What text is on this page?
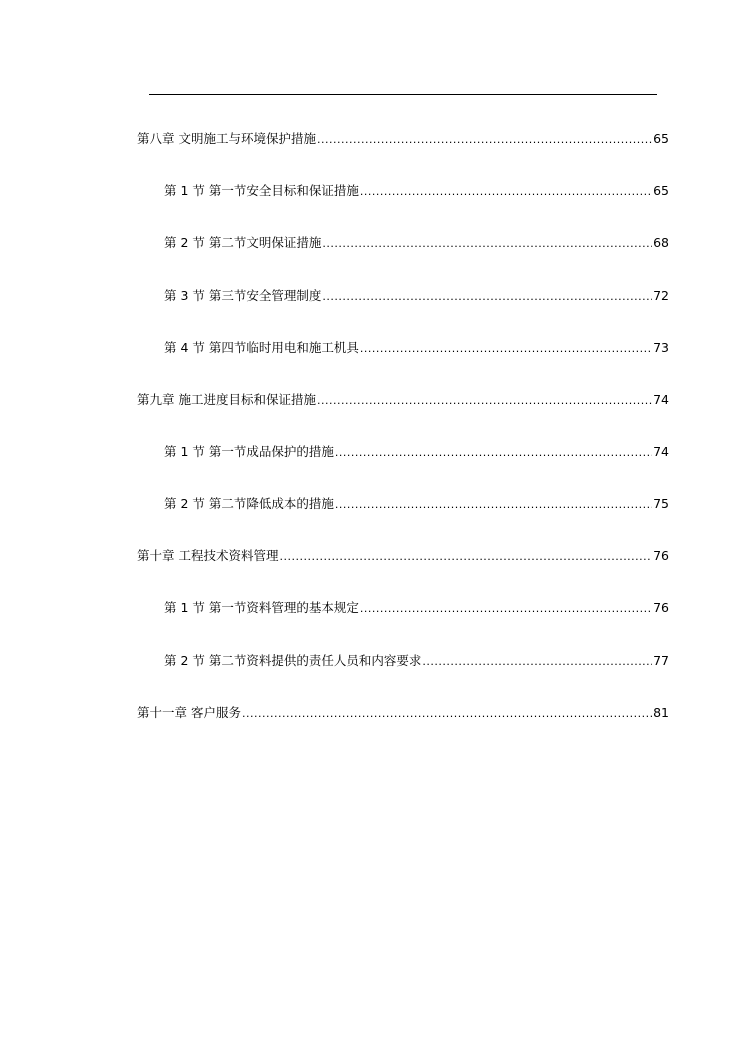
第八章 文明施工与环境保护措施 .....	65
第 1 节 第一节安全目标和保证措施 .....	65
第 2 节 第二节文明保证措施 .....	68
第 3 节 第三节安全管理制度 .....	72
第 4 节 第四节临时用电和施工机具 .....	73
第九章 施工进度目标和保证措施 .....	74
第 1 节 第一节成品保护的措施 .....	74
第 2 节 第二节降低成本的措施 .....	75
第十章 工程技术资料管理 .....	76
第 1 节 第一节资料管理的基本规定 .....	76
第 2 节 第二节资料提供的责任人员和内容要求 .....	77
第十一章 客户服务 .....	81
